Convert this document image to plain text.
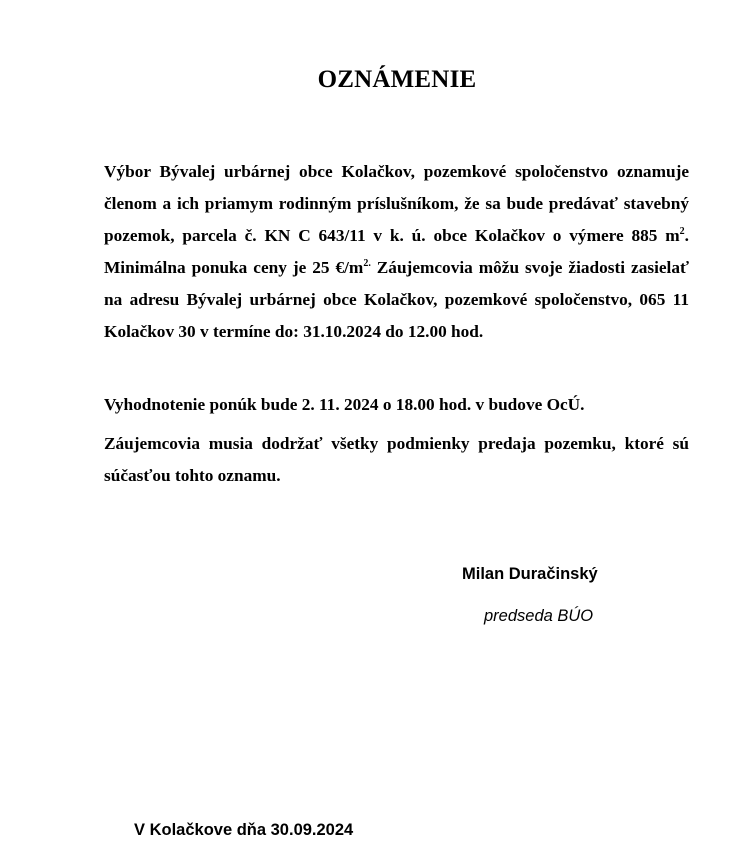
OZNÁMENIE

Výbor Bývalej urbárnej obce Kolačkov, pozemkové spoločenstvo oznamuje členom a ich priamym rodinným príslušníkom, že sa bude predávať stavebný pozemok, parcela č. KN C 643/11 v k. ú. obce Kolačkov o výmere 885 $m^2$. Minimálna ponuka ceny je 25 $€/m^{2.}$ Záujemcovia môžu svoje žiadosti zasielať na adresu Bývalej urbárnej obce Kolačkov, pozemkové spoločenstvo, 065 11 Kolačkov 30 v termíne do: 31.10.2024 do 12.00 hod.

Vyhodnotenie ponúk bude 2. 11. 2024 o 18.00 hod. v budove OcÚ.

Záujemcovia musia dodržať všetky podmienky predaja pozemku, ktoré sú súčasťou tohto oznamu.

Milan Duračinský
predseda BÚO
V Kolačkove dňa 30.09.2024
